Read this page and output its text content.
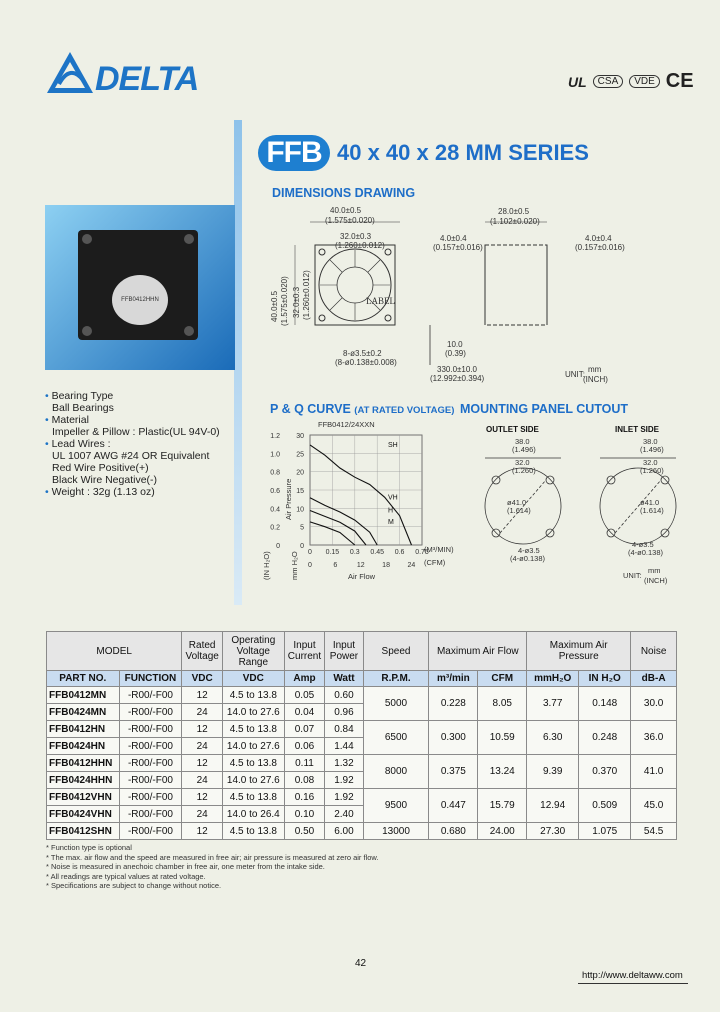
DELTA	UL	CSA	VDE CE
FFB0412HHN
• Bearing Type
Ball Bearings
• Material
Impeller & Pillow : Plastic(UL 94V-0)
• Lead Wires :
UL 1007 AWG #24 OR Equivalent
Red Wire Positive(+)
Black Wire Negative(-)
• Weight : 32g (1.13 oz)
FFB 40 x 40 x 28 MM SERIES
DIMENSIONS DRAWING
40.0±0.5
(1.575±0.020)
32.0±0.3
(1.260±0.012)
28.0±0.5
(1.102±0.020)
4.0±0.4
(0.157±0.016)
4.0±0.4
(0.157±0.016)
40.0±0.5 (1.575±0.020) 32.0±0.3 (1.260±0.012)	LABEL
8-ø3.5±0.2
(8-ø0.138±0.008)
10.0
(0.39)
330.0±10.0
(12.992±0.394)	UNIT:
mm
(INCH)
P & Q CURVE (AT RATED VOLTAGE)
FFB0412/24XXN
30
1.2
25
1.0
20
0.8
15
0.6
10
0.4
5
0.2
0
0
0 0.15 0.3 0.45 0.6 0.75
0	6	12	18	24
SH
VH
H
M
(IN H₂O)	mm H₂O
Air Pressure
Air Flow
(M³/MIN)
(CFM)
MOUNTING PANEL CUTOUT
OUTLET SIDE	INLET SIDE
38.0
(1.496)
32.0
(1.260)
ø41.0
(1.614)
4-ø3.5
(4-ø0.138)
38.0
(1.496)
32.0
(1.260)
ø41.0
(1.614)
4-ø3.5
(4-ø0.138)
UNIT:
mm
(INCH)
MODEL		Rated Voltage	Operating Voltage Range	Input Current	Input Power	Speed	Maximum Air Flow		Maximum Air Pressure		Noise
PART NO.	FUNCTION	VDC	VDC	Amp	Watt	R.P.M.	m³/min	CFM	mmH₂O	IN H₂O	dB-A
FFB0412MN	-R00/-F00	12	4.5 to 13.8	0.05	0.60	5000	0.228	8.05	3.77	0.148	30.0
FFB0424MN	-R00/-F00	24	14.0 to 27.6	0.04	0.96						
FFB0412HN	-R00/-F00	12	4.5 to 13.8	0.07	0.84	6500	0.300	10.59	6.30	0.248	36.0
FFB0424HN	-R00/-F00	24	14.0 to 27.6	0.06	1.44						
FFB0412HHN	-R00/-F00	12	4.5 to 13.8	0.11	1.32	8000	0.375	13.24	9.39	0.370	41.0
FFB0424HHN	-R00/-F00	24	14.0 to 27.6	0.08	1.92						
FFB0412VHN	-R00/-F00	12	4.5 to 13.8	0.16	1.92	9500	0.447	15.79	12.94	0.509	45.0
FFB0424VHN	-R00/-F00	24	14.0 to 26.4	0.10	2.40						
FFB0412SHN	-R00/-F00	12	4.5 to 13.8	0.50	6.00	13000	0.680	24.00	27.30	1.075	54.5
* Function type is optional
* The max. air flow and the speed are measured in free air; air pressure is measured at zero air flow.
* Noise is measured in anechoic chamber in free air, one meter from the intake side.
* All readings are typical values at rated voltage.
* Specifications are subject to change without notice.
42
http://www.deltaww.com
